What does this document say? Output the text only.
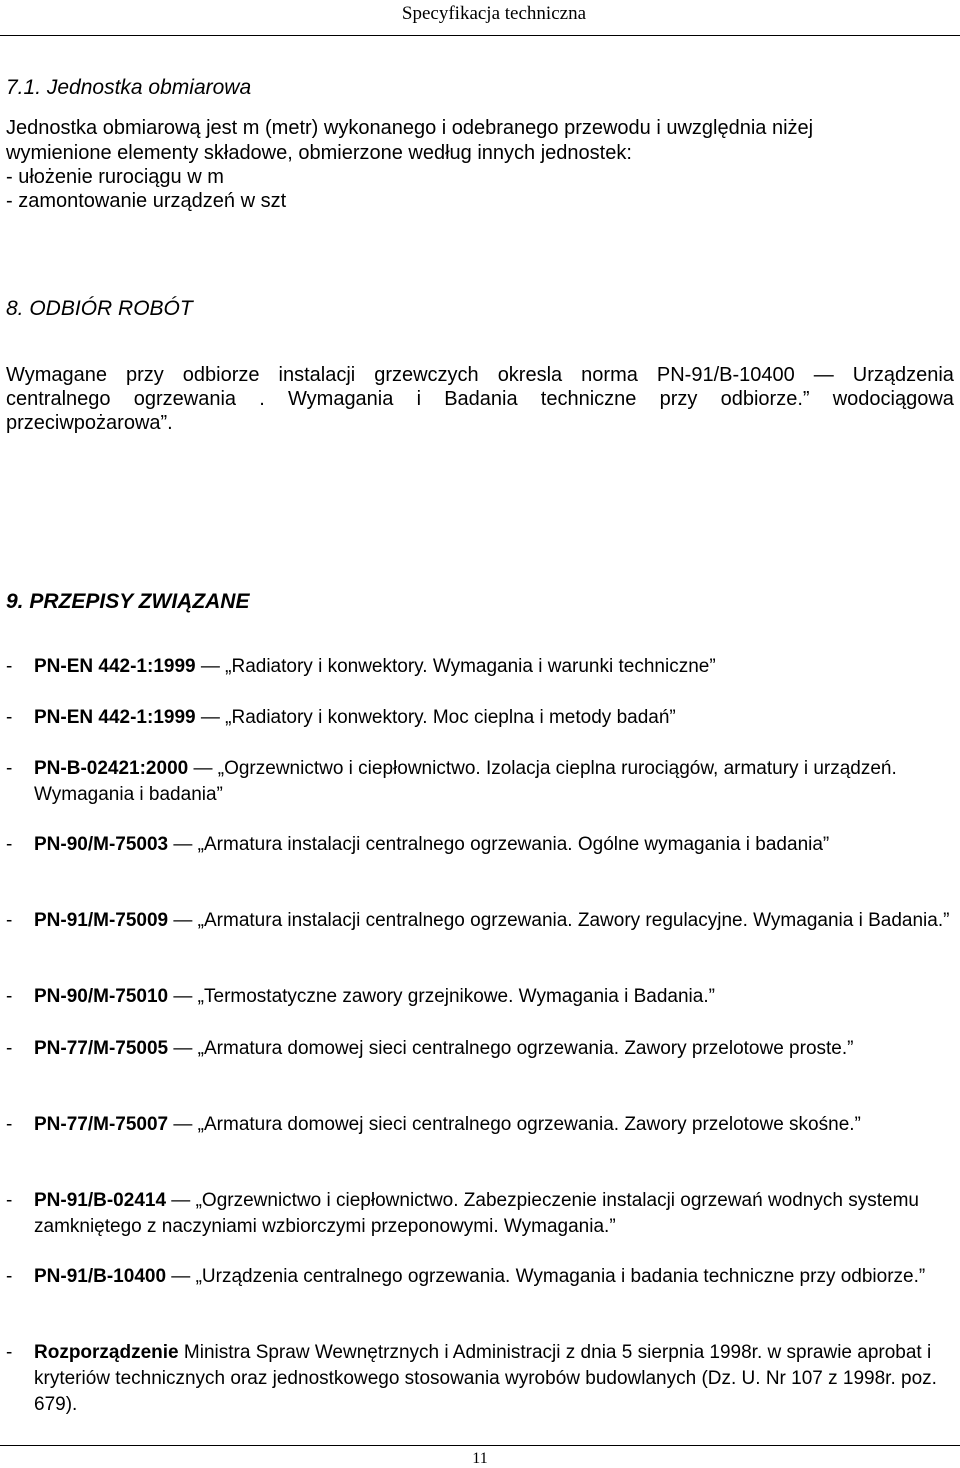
Specyfikacja techniczna
7.1. Jednostka obmiarowa
Jednostka obmiarową jest m (metr) wykonanego i odebranego przewodu i uwzględnia niżej
wymienione elementy składowe, obmierzone według innych jednostek:
- ułożenie rurociągu w m
- zamontowanie urządzeń w szt
8. ODBIÓR ROBÓT
Wymagane przy odbiorze instalacji grzewczych okresla norma PN-91/B-10400 — Urządzenia
centralnego ogrzewania . Wymagania i Badania techniczne przy odbiorze.” wodociągowa
przeciwpożarowa”.
9. PRZEPISY ZWIĄZANE
- PN-EN 442-1:1999 — „Radiatory i konwektory. Wymagania i warunki techniczne”
- PN-EN 442-1:1999 — „Radiatory i konwektory. Moc cieplna i metody badań”
- PN-B-02421:2000 — „Ogrzewnictwo i ciepłownictwo. Izolacja cieplna rurociągów, armatury i urządzeń. Wymagania i badania”
- PN-90/M-75003 — „Armatura instalacji centralnego ogrzewania. Ogólne wymagania i badania”
- PN-91/M-75009 — „Armatura instalacji centralnego ogrzewania. Zawory regulacyjne. Wymagania i Badania.”
- PN-90/M-75010 — „Termostatyczne zawory grzejnikowe. Wymagania i Badania.”
- PN-77/M-75005 — „Armatura domowej sieci centralnego ogrzewania. Zawory przelotowe proste.”
- PN-77/M-75007 — „Armatura domowej sieci centralnego ogrzewania. Zawory przelotowe skośne.”
- PN-91/B-02414 — „Ogrzewnictwo i ciepłownictwo. Zabezpieczenie instalacji ogrzewań wodnych systemu zamkniętego z naczyniami wzbiorczymi przeponowymi. Wymagania.”
- PN-91/B-10400 — „Urządzenia centralnego ogrzewania. Wymagania i badania techniczne przy odbiorze.”
- Rozporządzenie Ministra Spraw Wewnętrznych i Administracji z dnia 5 sierpnia 1998r. w sprawie aprobat i kryteriów technicznych oraz jednostkowego stosowania wyrobów budowlanych (Dz. U. Nr 107 z 1998r. poz. 679).
11
